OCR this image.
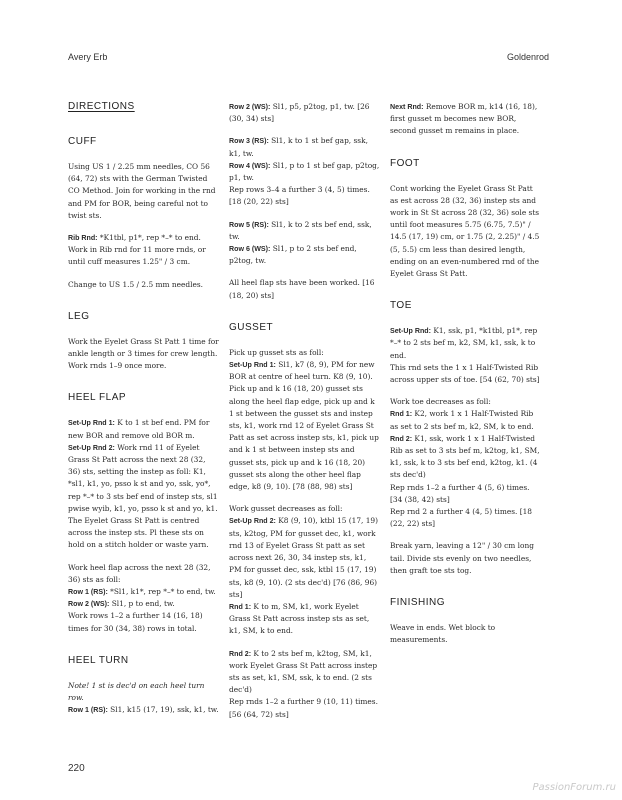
Avery Erb	Goldenrod
DIRECTIONS
CUFF

Using US 1 / 2.25 mm needles, CO 56 (64, 72) sts with the German Twisted CO Method. Join for working in the rnd and PM for BOR, being careful not to twist sts.

Rib Rnd: *K1tbl, p1*, rep *–* to end. Work in Rib rnd for 11 more rnds, or until cuff measures 1.25" / 3 cm.

Change to US 1.5 / 2.5 mm needles.

LEG

Work the Eyelet Grass St Patt 1 time for ankle length or 3 times for crew length. Work rnds 1–9 once more.

HEEL FLAP

Set-Up Rnd 1: K to 1 st bef end. PM for new BOR and remove old BOR m.
Set-Up Rnd 2: Work rnd 11 of Eyelet Grass St Patt across the next 28 (32, 36) sts, setting the instep as foll: K1, *sl1, k1, yo, psso k st and yo, ssk, yo*, rep *–* to 3 sts bef end of instep sts, sl1 pwise wyib, k1, yo, psso k st and yo, k1. The Eyelet Grass St Patt is centred across the instep sts. Pl these sts on hold on a stitch holder or waste yarn.

Work heel flap across the next 28 (32, 36) sts as foll:
Row 1 (RS): *Sl1, k1*, rep *–* to end, tw.
Row 2 (WS): Sl1, p to end, tw.
Work rows 1–2 a further 14 (16, 18) times for 30 (34, 38) rows in total.

HEEL TURN

Note! 1 st is dec'd on each heel turn row.
Row 1 (RS): Sl1, k15 (17, 19), ssk, k1, tw.

Row 2 (WS): Sl1, p5, p2tog, p1, tw. [26 (30, 34) sts]

Row 3 (RS): Sl1, k to 1 st bef gap, ssk, k1, tw.
Row 4 (WS): Sl1, p to 1 st bef gap, p2tog, p1, tw.
Rep rows 3–4 a further 3 (4, 5) times. [18 (20, 22) sts]

Row 5 (RS): Sl1, k to 2 sts bef end, ssk, tw.
Row 6 (WS): Sl1, p to 2 sts bef end, p2tog, tw.

All heel flap sts have been worked. [16 (18, 20) sts]

GUSSET

Pick up gusset sts as foll:
Set-Up Rnd 1: Sl1, k7 (8, 9), PM for new BOR at centre of heel turn. K8 (9, 10). Pick up and k 16 (18, 20) gusset sts along the heel flap edge, pick up and k 1 st between the gusset sts and instep sts, k1, work rnd 12 of Eyelet Grass St Patt as set across instep sts, k1, pick up and k 1 st between instep sts and gusset sts, pick up and k 16 (18, 20) gusset sts along the other heel flap edge, k8 (9, 10). [78 (88, 98) sts]

Work gusset decreases as foll:
Set-Up Rnd 2: K8 (9, 10), ktbl 15 (17, 19) sts, k2tog, PM for gusset dec, k1, work rnd 13 of Eyelet Grass St patt as set across next 26, 30, 34 instep sts, k1, PM for gusset dec, ssk, ktbl 15 (17, 19) sts, k8 (9, 10). (2 sts dec'd) [76 (86, 96) sts]
Rnd 1: K to m, SM, k1, work Eyelet Grass St Patt across instep sts as set, k1, SM, k to end.

Rnd 2: K to 2 sts bef m, k2tog, SM, k1, work Eyelet Grass St Patt across instep sts as set, k1, SM, ssk, k to end. (2 sts dec'd)
Rep rnds 1–2 a further 9 (10, 11) times. [56 (64, 72) sts]

Next Rnd: Remove BOR m, k14 (16, 18), first gusset m becomes new BOR, second gusset m remains in place.

FOOT

Cont working the Eyelet Grass St Patt as est across 28 (32, 36) instep sts and work in St St across 28 (32, 36) sole sts until foot measures 5.75 (6.75, 7.5)" / 14.5 (17, 19) cm, or 1.75 (2, 2.25)" / 4.5 (5, 5.5) cm less than desired length, ending on an even-numbered rnd of the Eyelet Grass St Patt.

TOE

Set-Up Rnd: K1, ssk, p1, *k1tbl, p1*, rep *–* to 2 sts bef m, k2, SM, k1, ssk, k to end.
This rnd sets the 1 x 1 Half-Twisted Rib across upper sts of toe. [54 (62, 70) sts]

Work toe decreases as foll:
Rnd 1: K2, work 1 x 1 Half-Twisted Rib as set to 2 sts bef m, k2, SM, k to end.
Rnd 2: K1, ssk, work 1 x 1 Half-Twisted Rib as set to 3 sts bef m, k2tog, k1, SM, k1, ssk, k to 3 sts bef end, k2tog, k1. (4 sts dec'd)
Rep rnds 1–2 a further 4 (5, 6) times. [34 (38, 42) sts]
Rep rnd 2 a further 4 (4, 5) times. [18 (22, 22) sts]

Break yarn, leaving a 12" / 30 cm long tail. Divide sts evenly on two needles, then graft toe sts tog.

FINISHING

Weave in ends. Wet block to measurements.

220
PassionForum.ru
